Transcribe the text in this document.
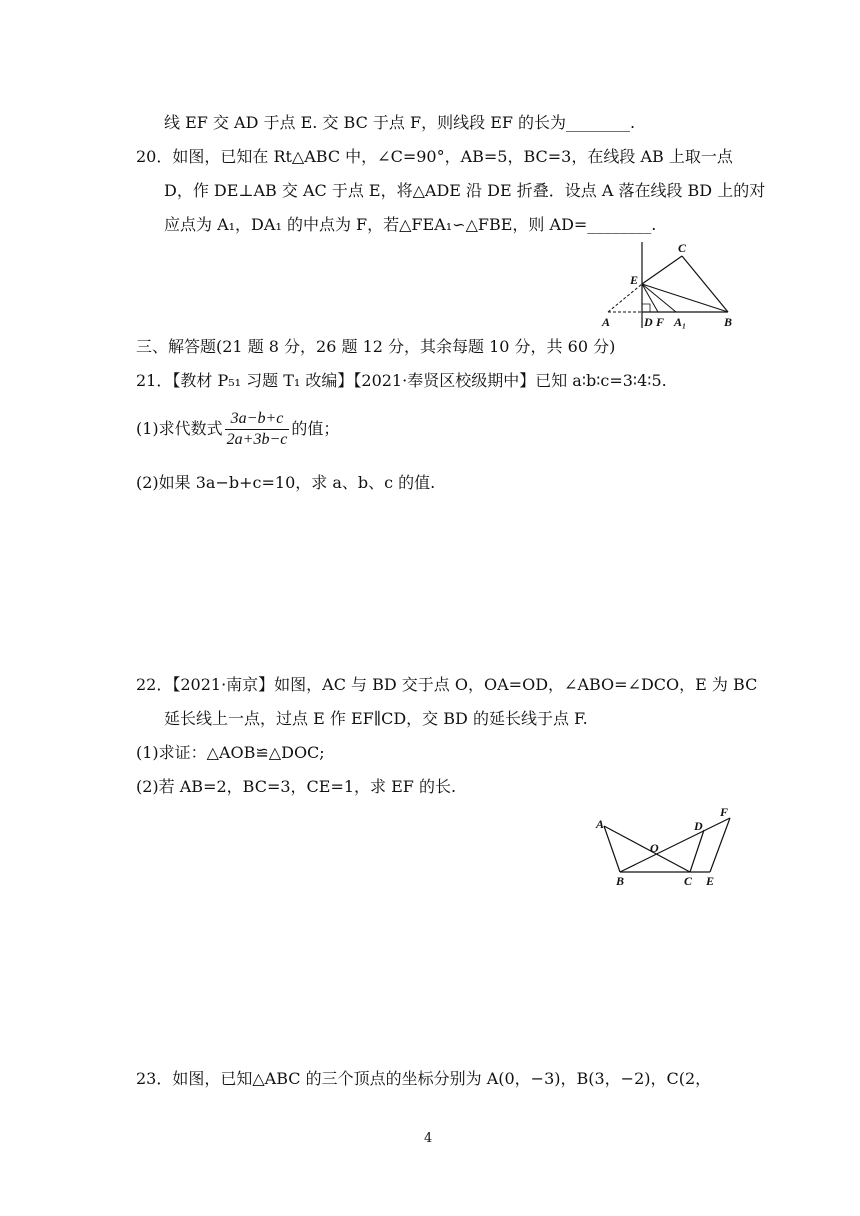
线 EF 交 AD 于点 E. 交 BC 于点 F，则线段 EF 的长为________.
20．如图，已知在 Rt△ABC 中，∠C=90°，AB=5，BC=3，在线段 AB 上取一点
D，作 DE⊥AB 交 AC 于点 E，将△ADE 沿 DE 折叠．设点 A 落在线段 BD 上的对
应点为 A₁，DA₁ 的中点为 F，若△FEA₁∽△FBE，则 AD=________.
C
E
A	D F A₁	B
三、解答题(21 题 8 分，26 题 12 分，其余每题 10 分，共 60 分)
21．【教材 P₅₁ 习题 T₁ 改编】【2021·奉贤区校级期中】已知 a∶b∶c=3∶4∶5.
(1)求代数式 $\frac{3a-b+c}{2a+3b-c}$ 的值；
(2)如果 3a−b+c=10，求 a、b、c 的值.
22．【2021·南京】如图，AC 与 BD 交于点 O，OA=OD，∠ABO=∠DCO，E 为 BC
延长线上一点，过点 E 作 EF∥CD，交 BD 的延长线于点 F.
(1)求证：△AOB≌△DOC;
(2)若 AB=2，BC=3，CE=1，求 EF 的长.
A
O
D
F
B	C E
23．如图，已知△ABC 的三个顶点的坐标分别为 A(0，−3)，B(3，−2)，C(2，
4
